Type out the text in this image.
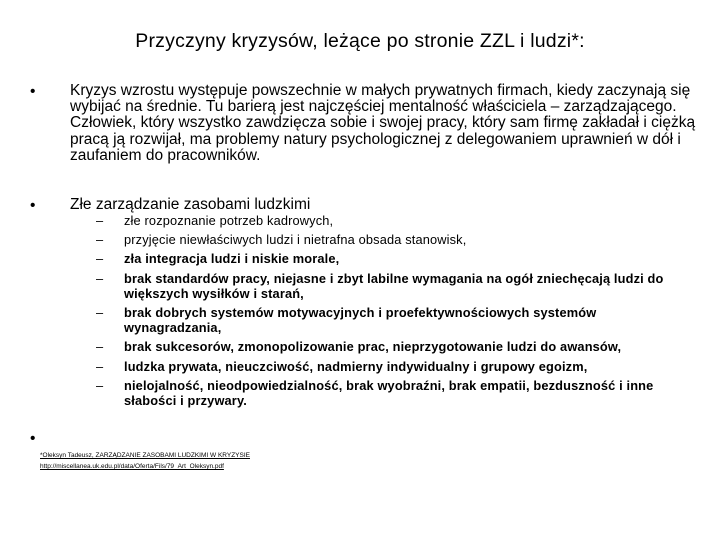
Przyczyny kryzysów, leżące po stronie ZZL i ludzi*:
• Kryzys wzrostu występuje powszechnie w małych prywatnych firmach, kiedy zaczynają się wybijać na średnie. Tu barierą jest najczęściej mentalność właściciela – zarządzającego. Człowiek, który wszystko zawdzięcza sobie i swojej pracy, który sam firmę zakładał i ciężką pracą ją rozwijał, ma problemy natury psychologicznej z delegowaniem uprawnień w dół i zaufaniem do pracowników.
• Złe zarządzanie zasobami ludzkimi
– złe rozpoznanie potrzeb kadrowych,
– przyjęcie niewłaściwych ludzi i nietrafna obsada stanowisk,
– zła integracja ludzi i niskie morale,
– brak standardów pracy, niejasne i zbyt labilne wymagania na ogół zniechęcają ludzi do większych wysiłków i starań,
– brak dobrych systemów motywacyjnych i proefektywnościowych systemów wynagradzania,
– brak sukcesorów, zmonopolizowanie prac, nieprzygotowanie ludzi do awansów,
– ludzka prywata, nieuczciwość, nadmierny indywidualny i grupowy egoizm,
– nielojalność, nieodpowiedzialność, brak wyobraźni, brak empatii, bezduszność i inne słabości i przywary.
•
*Oleksyn Tadeusz, ZARZĄDZANIE ZASOBAMI LUDZKIMI W KRYZYSIE
http://miscellanea.uk.edu.pl/data/Oferta/Fils/79_Art_Oleksyn.pdf
